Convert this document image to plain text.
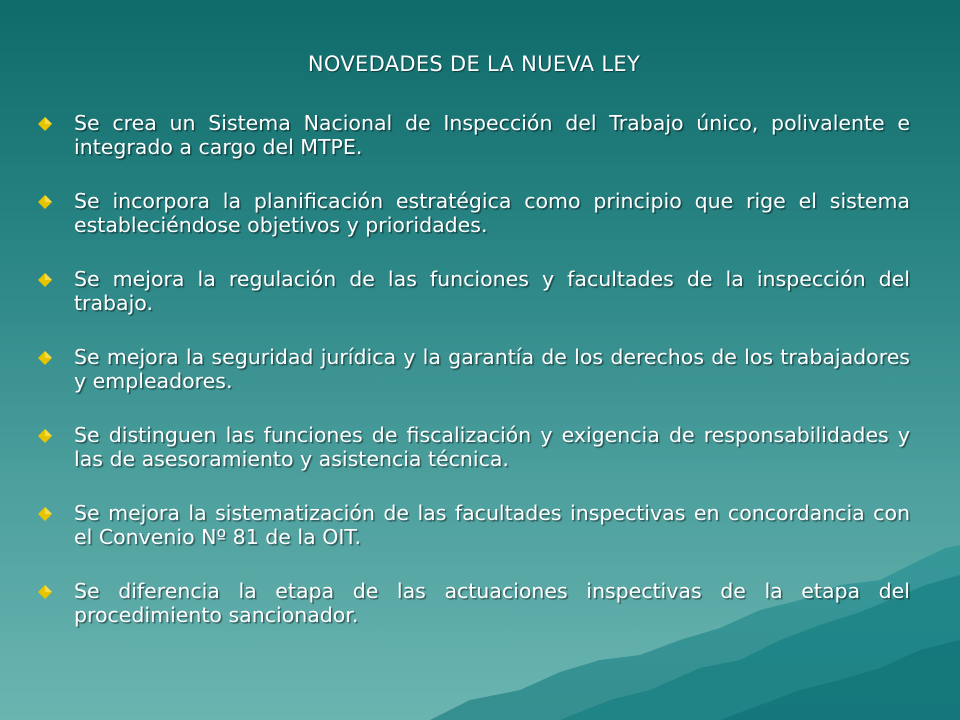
NOVEDADES DE LA NUEVA LEY
Se crea un Sistema Nacional de Inspección del Trabajo único, polivalente e integrado a cargo del MTPE.
Se incorpora la planificación estratégica como principio que rige el sistema estableciéndose objetivos y prioridades.
Se mejora la regulación de las funciones y facultades de la inspección del trabajo.
Se mejora la seguridad jurídica y la garantía de los derechos de los trabajadores y empleadores.
Se distinguen las funciones de fiscalización y exigencia de responsabilidades y las de asesoramiento y asistencia técnica.
Se mejora la sistematización de las facultades inspectivas en concordancia con el Convenio Nº 81 de la OIT.
Se diferencia la etapa de las actuaciones inspectivas de la etapa del procedimiento sancionador.
